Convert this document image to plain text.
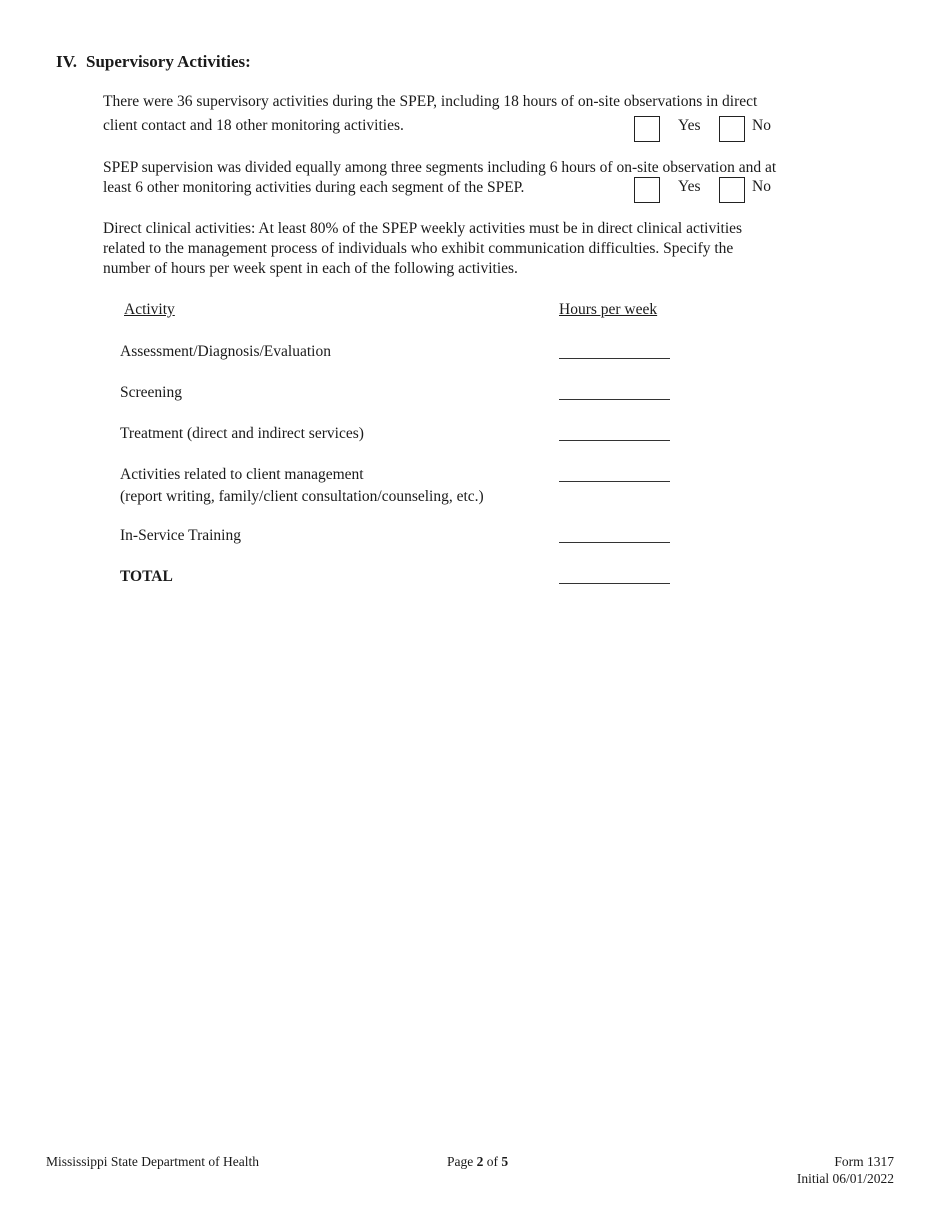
IV. Supervisory Activities:
There were 36 supervisory activities during the SPEP, including 18 hours of on-site observations in direct
client contact and 18 other monitoring activities.	Yes	No
SPEP supervision was divided equally among three segments including 6 hours of on-site observation and at
least 6 other monitoring activities during each segment of the SPEP.	Yes	No
Direct clinical activities: At least 80% of the SPEP weekly activities must be in direct clinical activities
related to the management process of individuals who exhibit communication difficulties. Specify the
number of hours per week spent in each of the following activities.
Activity	Hours per week
Assessment/Diagnosis/Evaluation
Screening
Treatment (direct and indirect services)
Activities related to client management
(report writing, family/client consultation/counseling, etc.)
In-Service Training
TOTAL
Mississippi State Department of Health	Page 2 of 5	Form 1317
Initial 06/01/2022
